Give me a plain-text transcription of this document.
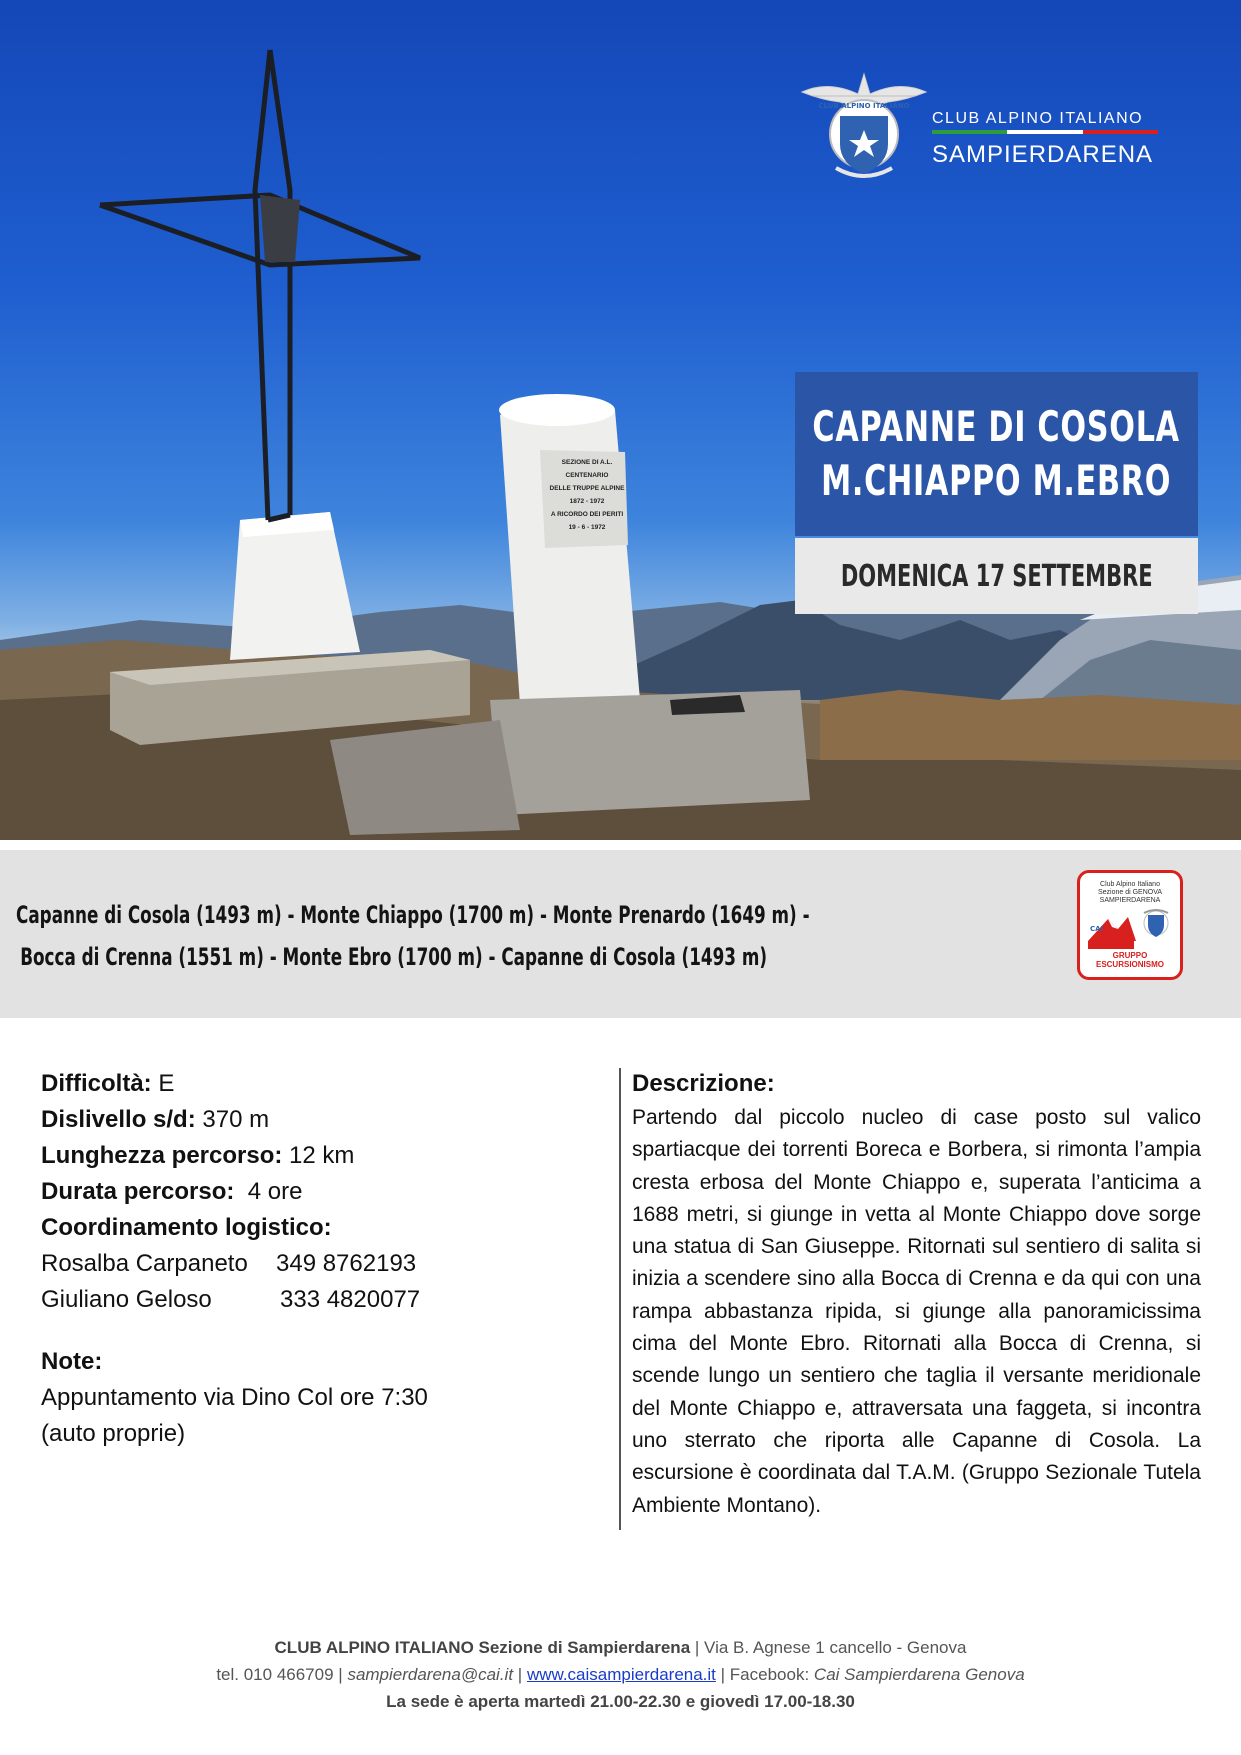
SEZIONE DI A.L.
CENTENARIO
DELLE TRUPPE ALPINE
1872 - 1972
A RICORDO DEI PERITI
19 - 6 - 1972
CLUB ALPINO ITALIANO
CLUB ALPINO ITALIANO
SAMPIERDARENA
CAPANNE DI COSOLA
M.CHIAPPO M.EBRO
DOMENICA 17 SETTEMBRE
Capanne di Cosola (1493 m) - Monte Chiappo (1700 m) - Monte Prenardo (1649 m) -
Bocca di Crenna (1551 m) - Monte Ebro (1700 m) - Capanne di Cosola (1493 m)
Club Alpino Italiano
Sezione di GENOVA
SAMPIERDARENA
CAI
GRUPPO
ESCURSIONISMO
Difficoltà: E
Dislivello s/d: 370 m
Lunghezza percorso: 12 km
Durata percorso: 4 ore
Coordinamento logistico:
Rosalba Carpaneto 349 8762193
Giuliano Geloso	333 4820077
Note:
Appuntamento via Dino Col ore 7:30
(auto proprie)
Descrizione:
Partendo dal piccolo nucleo di case posto sul valico spartiacque dei torrenti Boreca e Borbera, si rimonta l’ampia cresta erbosa del Monte Chiappo e, superata l’anticima a 1688 metri, si giunge in vetta al Monte Chiappo dove sorge una statua di San Giuseppe. Ritornati sul sentiero di salita si inizia a scendere sino alla Bocca di Crenna e da qui con una rampa abbastanza ripida, si giunge alla panoramicissima cima del Monte Ebro. Ritornati alla Bocca di Crenna, si scende lungo un sentiero che taglia il versante meridionale del Monte Chiappo e, attraversata una faggeta, si incontra uno sterrato che riporta alle Capanne di Cosola. La escursione è coordinata dal T.A.M. (Gruppo Sezionale Tutela Ambiente Montano).
CLUB ALPINO ITALIANO Sezione di Sampierdarena | Via B. Agnese 1 cancello - Genova
tel. 010 466709 | sampierdarena@cai.it | www.caisampierdarena.it | Facebook: Cai Sampierdarena Genova
La sede è aperta martedì 21.00-22.30 e giovedì 17.00-18.30
